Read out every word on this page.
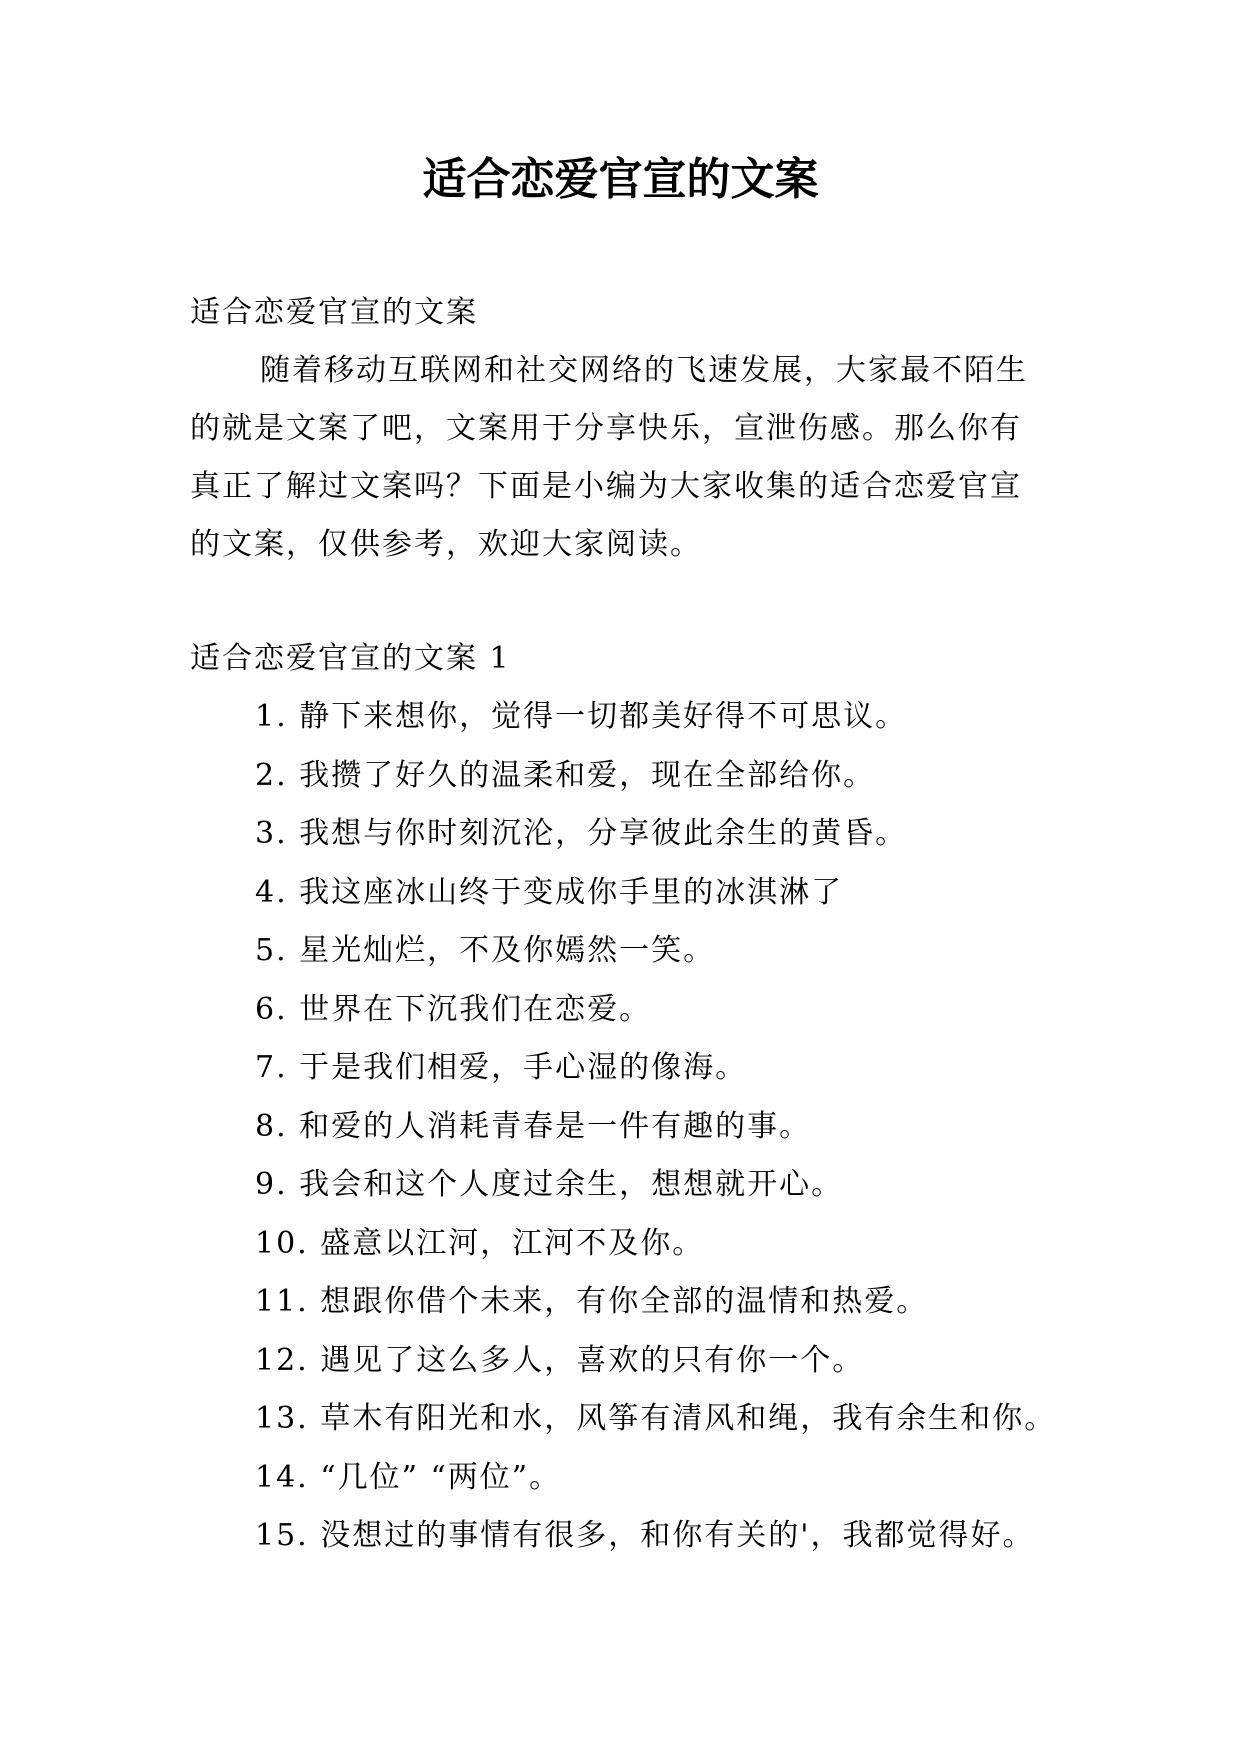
适合恋爱官宣的文案

适合恋爱官宣的文案

随着移动互联网和社交网络的飞速发展，大家最不陌生的就是文案了吧，文案用于分享快乐，宣泄伤感。那么你有真正了解过文案吗？下面是小编为大家收集的适合恋爱官宣的文案，仅供参考，欢迎大家阅读。

适合恋爱官宣的文案 1

1. 静下来想你，觉得一切都美好得不可思议。
2. 我攒了好久的温柔和爱，现在全部给你。
3. 我想与你时刻沉沦，分享彼此余生的黄昏。
4. 我这座冰山终于变成你手里的冰淇淋了
5. 星光灿烂，不及你嫣然一笑。
6. 世界在下沉我们在恋爱。
7. 于是我们相爱，手心湿的像海。
8. 和爱的人消耗青春是一件有趣的事。
9. 我会和这个人度过余生，想想就开心。
10. 盛意以江河，江河不及你。
11. 想跟你借个未来，有你全部的温情和热爱。
12. 遇见了这么多人，喜欢的只有你一个。
13. 草木有阳光和水，风筝有清风和绳，我有余生和你。
14. “几位” “两位”。
15. 没想过的事情有很多，和你有关的'，我都觉得好。
